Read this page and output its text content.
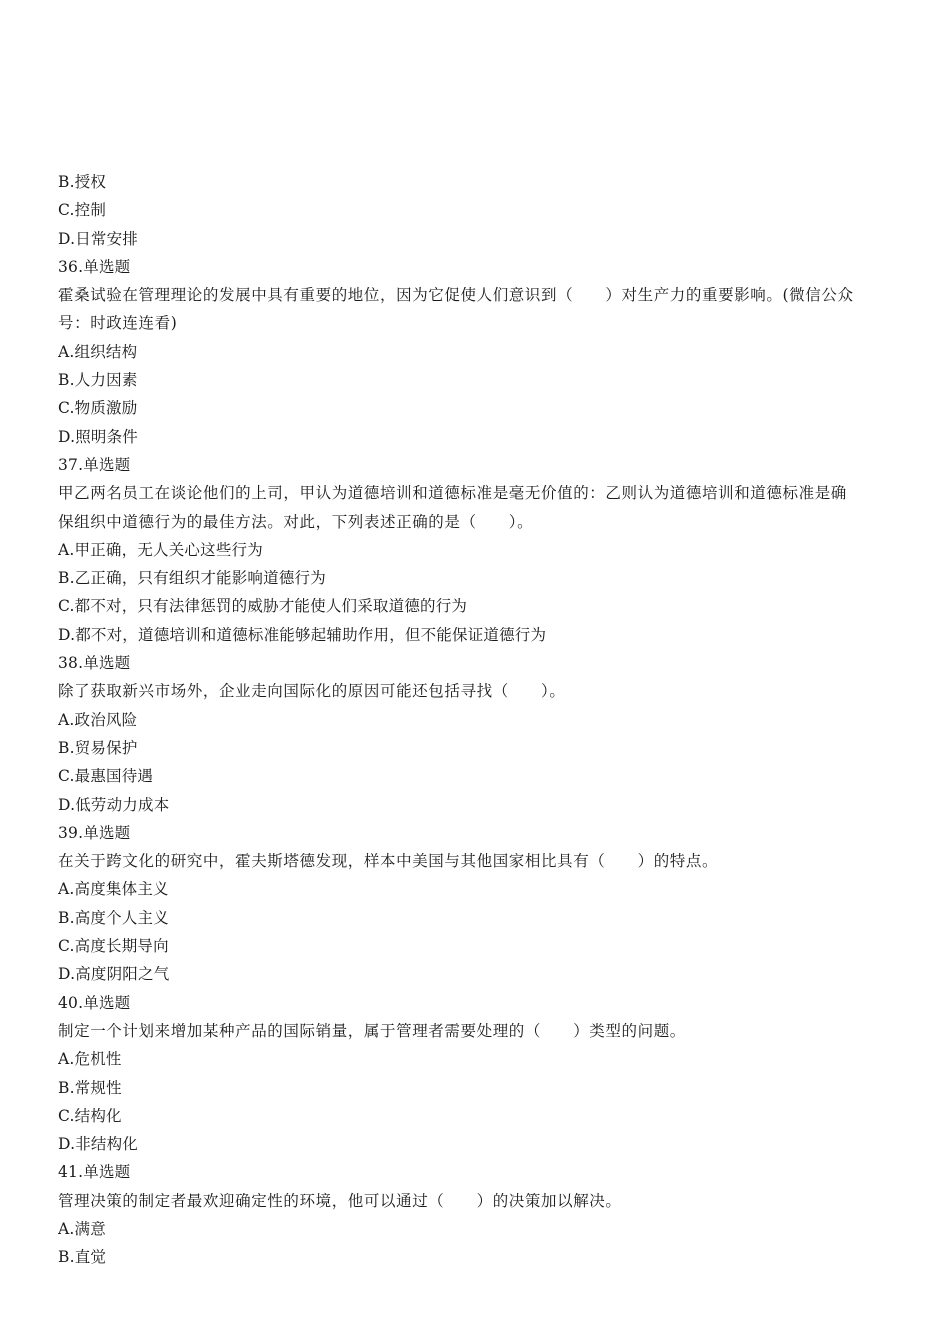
B.授权
C.控制
D.日常安排
36.单选题
霍桑试验在管理理论的发展中具有重要的地位，因为它促使人们意识到（　　）对生产力的重要影响。(微信公众
号：时政连连看)
A.组织结构
B.人力因素
C.物质激励
D.照明条件
37.单选题
甲乙两名员工在谈论他们的上司，甲认为道德培训和道德标准是毫无价值的：乙则认为道德培训和道德标准是确
保组织中道德行为的最佳方法。对此，下列表述正确的是（　　）。
A.甲正确，无人关心这些行为
B.乙正确，只有组织才能影响道德行为
C.都不对，只有法律惩罚的威胁才能使人们采取道德的行为
D.都不对，道德培训和道德标准能够起辅助作用，但不能保证道德行为
38.单选题
除了获取新兴市场外，企业走向国际化的原因可能还包括寻找（　　）。
A.政治风险
B.贸易保护
C.最惠国待遇
D.低劳动力成本
39.单选题
在关于跨文化的研究中，霍夫斯塔德发现，样本中美国与其他国家相比具有（　　）的特点。
A.高度集体主义
B.高度个人主义
C.高度长期导向
D.高度阴阳之气
40.单选题
制定一个计划来增加某种产品的国际销量，属于管理者需要处理的（　　）类型的问题。
A.危机性
B.常规性
C.结构化
D.非结构化
41.单选题
管理决策的制定者最欢迎确定性的环境，他可以通过（　　）的决策加以解决。
A.满意
B.直觉
